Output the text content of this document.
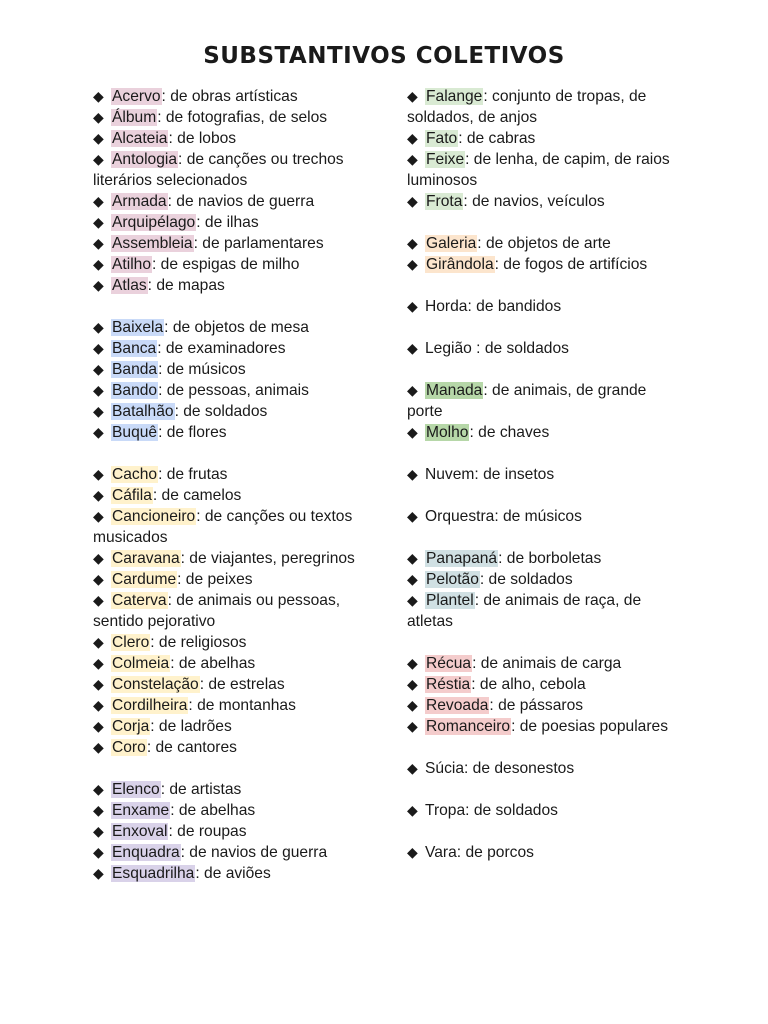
SUBSTANTIVOS COLETIVOS
◆ Acervo: de obras artísticas
◆ Álbum: de fotografias, de selos
◆ Alcateia: de lobos
◆ Antologia: de canções ou trechos literários selecionados
◆ Armada: de navios de guerra
◆ Arquipélago: de ilhas
◆ Assembleia: de parlamentares
◆ Atilho: de espigas de milho
◆ Atlas: de mapas
◆ Baixela: de objetos de mesa
◆ Banca: de examinadores
◆ Banda: de músicos
◆ Bando: de pessoas, animais
◆ Batalhão: de soldados
◆ Buquê: de flores
◆ Cacho: de frutas
◆ Cáfila: de camelos
◆ Cancioneiro: de canções ou textos musicados
◆ Caravana: de viajantes, peregrinos
◆ Cardume: de peixes
◆ Caterva: de animais ou pessoas, sentido pejorativo
◆ Clero: de religiosos
◆ Colmeia: de abelhas
◆ Constelação: de estrelas
◆ Cordilheira: de montanhas
◆ Corja: de ladrões
◆ Coro: de cantores
◆ Elenco: de artistas
◆ Enxame: de abelhas
◆ Enxoval: de roupas
◆ Enquadra: de navios de guerra
◆ Esquadrilha: de aviões
◆ Falange: conjunto de tropas, de soldados, de anjos
◆ Fato: de cabras
◆ Feixe: de lenha, de capim, de raios luminosos
◆ Frota: de navios, veículos
◆ Galeria: de objetos de arte
◆ Girândola: de fogos de artifícios
◆ Horda: de bandidos
◆ Legião : de soldados
◆ Manada: de animais, de grande porte
◆ Molho: de chaves
◆ Nuvem: de insetos
◆ Orquestra: de músicos
◆ Panapaná: de borboletas
◆ Pelotão: de soldados
◆ Plantel: de animais de raça, de atletas
◆ Récua: de animais de carga
◆ Réstia: de alho, cebola
◆ Revoada: de pássaros
◆ Romanceiro: de poesias populares
◆ Súcia: de desonestos
◆ Tropa: de soldados
◆ Vara: de porcos
